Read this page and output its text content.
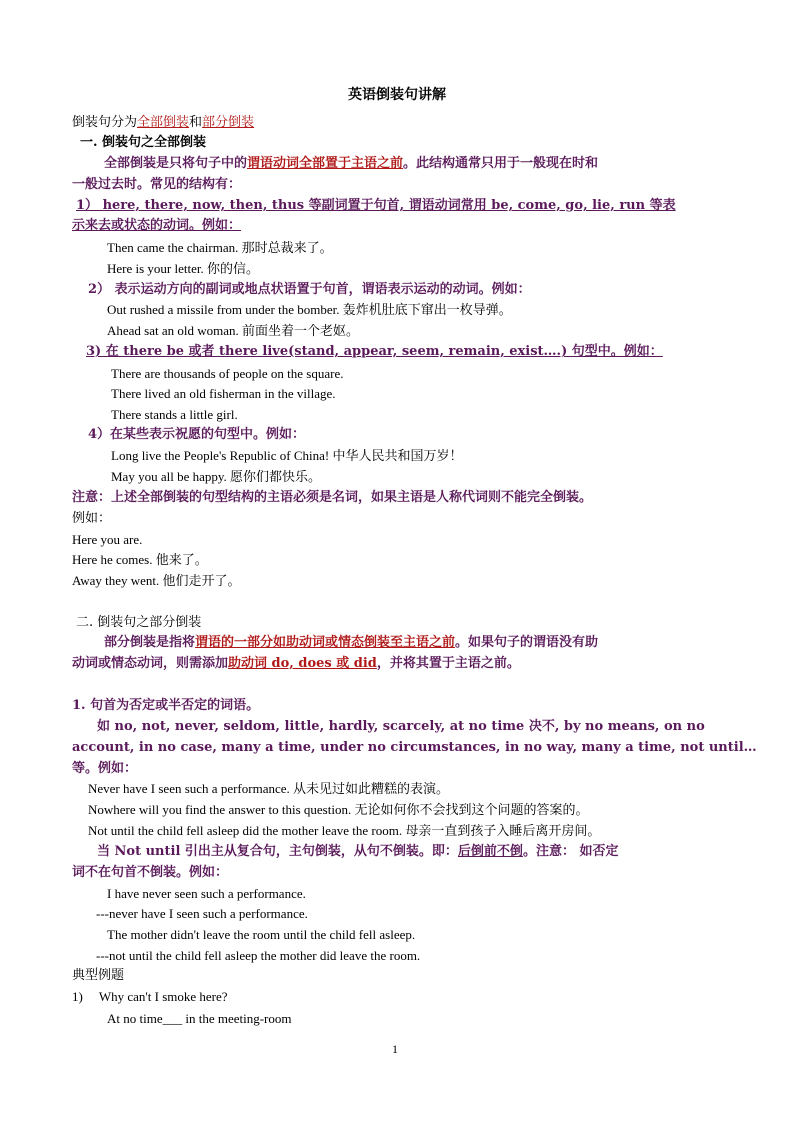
英语倒装句讲解
倒装句分为全部倒装和部分倒装
一. 倒装句之全部倒装
全部倒装是只将句子中的谓语动词全部置于主语之前。此结构通常只用于一般现在时和
一般过去时。常见的结构有：
1） here, there, now, then, thus 等副词置于句首, 谓语动词常用 be, come, go, lie, run 等表
示来去或状态的动词。例如：
Then came the chairman. 那时总裁来了。
Here is your letter. 你的信。
2） 表示运动方向的副词或地点状语置于句首，谓语表示运动的动词。例如：
Out rushed a missile from under the bomber. 轰炸机肚底下窜出一枚导弹。
Ahead sat an old woman. 前面坐着一个老妪。
3) 在 there be 或者 there live(stand, appear, seem, remain, exist….) 句型中。例如：
There are thousands of people on the square.
There lived an old fisherman in the village.
There stands a little girl.
4）在某些表示祝愿的句型中。例如：
Long live the People's Republic of China! 中华人民共和国万岁！
May you all be happy. 愿你们都快乐。
注意：上述全部倒装的句型结构的主语必须是名词，如果主语是人称代词则不能完全倒装。
例如：
Here you are.
Here he comes. 他来了。
Away they went. 他们走开了。
二. 倒装句之部分倒装
部分倒装是指将谓语的一部分如助动词或情态倒装至主语之前。如果句子的谓语没有助
动词或情态动词，则需添加助动词 do, does 或 did，并将其置于主语之前。
1. 句首为否定或半否定的词语。
如 no, not, never, seldom, little, hardly, scarcely, at no time 决不, by no means, on no
account, in no case, many a time, under no circumstances, in no way, many a time, not until…
等。例如：
Never have I seen such a performance. 从未见过如此糟糕的表演。
Nowhere will you find the answer to this question. 无论如何你不会找到这个问题的答案的。
Not until the child fell asleep did the mother leave the room. 母亲一直到孩子入睡后离开房间。
当 Not until 引出主从复合句，主句倒装，从句不倒装。即：后倒前不倒。注意： 如否定
词不在句首不倒装。例如：
I have never seen such a performance.
---never have I seen such a performance.
The mother didn't leave the room until the child fell asleep.
---not until the child fell asleep the mother did leave the room.
典型例题
1)     Why can't I smoke here?
At no time___ in the meeting-room
1
